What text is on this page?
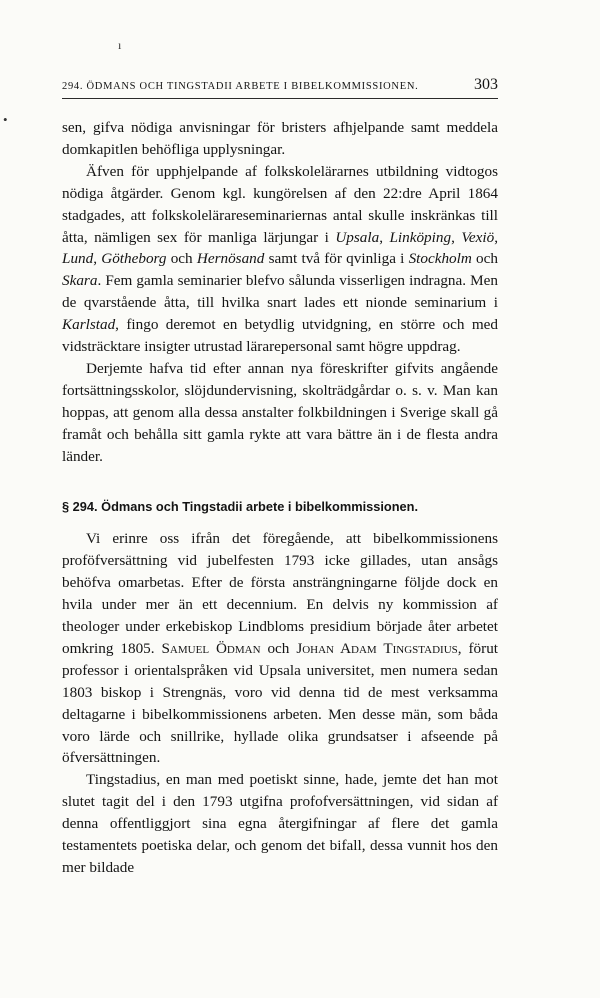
ı
•
294. ÖDMANS OCH TINGSTADII ARBETE I BIBELKOMMISSIONEN.	303

sen, gifva nödiga anvisningar för bristers afhjelpande samt meddela domkapitlen behöfliga upplysningar.

Äfven för upphjelpande af folkskolelärarnes utbildning vidtogos nödiga åtgärder. Genom kgl. kungörelsen af den 22:dre April 1864 stadgades, att folkskolelärareseminariernas antal skulle inskränkas till åtta, nämligen sex för manliga lärjungar i Upsala, Linköping, Vexiö, Lund, Götheborg och Hernösand samt två för qvinliga i Stockholm och Skara. Fem gamla seminarier blefvo sålunda visserligen indragna. Men de qvarstående åtta, till hvilka snart lades ett nionde seminarium i Karlstad, fingo deremot en betydlig utvidgning, en större och med vidsträcktare insigter utrustad lärarepersonal samt högre uppdrag.

Derjemte hafva tid efter annan nya föreskrifter gifvits angående fortsättningsskolor, slöjdundervisning, skolträdgårdar o. s. v. Man kan hoppas, att genom alla dessa anstalter folkbildningen i Sverige skall gå framåt och behålla sitt gamla rykte att vara bättre än i de flesta andra länder.

§ 294. Ödmans och Tingstadii arbete i bibelkommissionen.

Vi erinre oss ifrån det föregående, att bibelkommissionens proföfversättning vid jubelfesten 1793 icke gillades, utan ansågs behöfva omarbetas. Efter de första ansträngningarne följde dock en hvila under mer än ett decennium. En delvis ny kommission af theologer under erkebiskop Lindbloms presidium började åter arbetet omkring 1805. Samuel Ödman och Johan Adam Tingstadius, förut professor i orientalspråken vid Upsala universitet, men numera sedan 1803 biskop i Strengnäs, voro vid denna tid de mest verksamma deltagarne i bibelkommissionens arbeten. Men desse män, som båda voro lärde och snillrike, hyllade olika grundsatser i afseende på öfversättningen.

Tingstadius, en man med poetiskt sinne, hade, jemte det han mot slutet tagit del i den 1793 utgifna profofversättningen, vid sidan af denna offentliggjort sina egna återgifningar af flere det gamla testamentets poetiska delar, och genom det bifall, dessa vunnit hos den mer bildade
